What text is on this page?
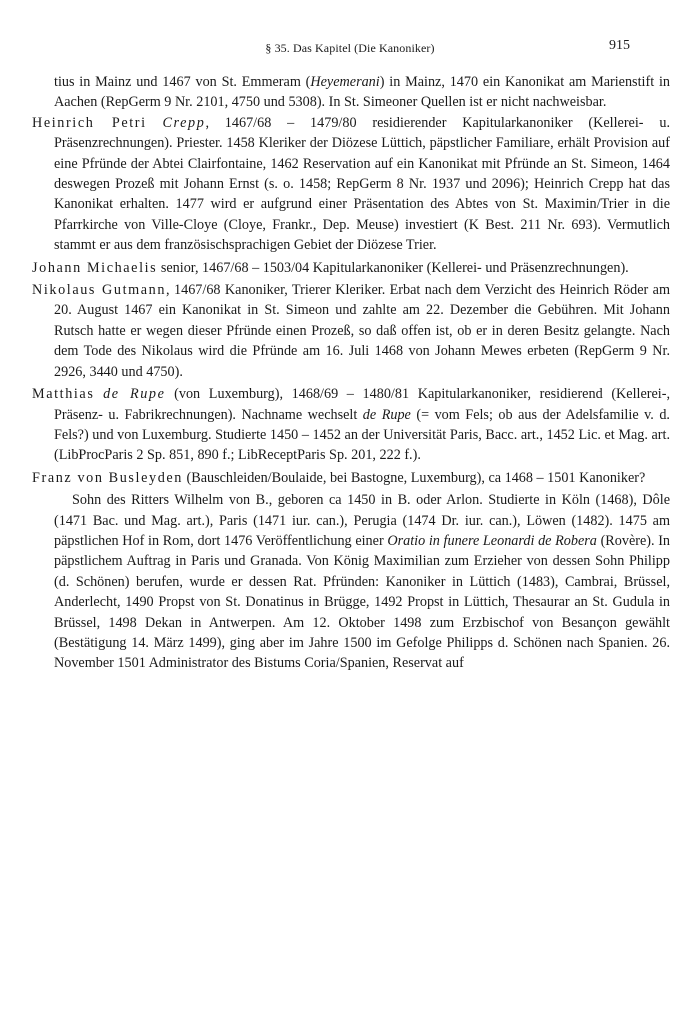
§ 35. Das Kapitel (Die Kanoniker)	915

tius in Mainz und 1467 von St. Emmeram (Heyemerani) in Mainz, 1470 ein Kanonikat am Marienstift in Aachen (RepGerm 9 Nr. 2101, 4750 und 5308). In St. Simeoner Quellen ist er nicht nachweisbar.

Heinrich Petri Crepp, 1467/68 – 1479/80 residierender Kapitularkanoniker (Kellerei- u. Präsenzrechnungen). Priester. 1458 Kleriker der Diözese Lüttich, päpstlicher Familiare, erhält Provision auf eine Pfründe der Abtei Clairfontaine, 1462 Reservation auf ein Kanonikat mit Pfründe an St. Simeon, 1464 deswegen Prozeß mit Johann Ernst (s. o. 1458; RepGerm 8 Nr. 1937 und 2096); Heinrich Crepp hat das Kanonikat erhalten. 1477 wird er aufgrund einer Präsentation des Abtes von St. Maximin/Trier in die Pfarrkirche von Ville-Cloye (Cloye, Frankr., Dep. Meuse) investiert (K Best. 211 Nr. 693). Vermutlich stammt er aus dem französischsprachigen Gebiet der Diözese Trier.

Johann Michaelis senior, 1467/68 – 1503/04 Kapitularkanoniker (Kellerei- und Präsenzrechnungen).

Nikolaus Gutmann, 1467/68 Kanoniker, Trierer Kleriker. Erbat nach dem Verzicht des Heinrich Röder am 20. August 1467 ein Kanonikat in St. Simeon und zahlte am 22. Dezember die Gebühren. Mit Johann Rutsch hatte er wegen dieser Pfründe einen Prozeß, so daß offen ist, ob er in deren Besitz gelangte. Nach dem Tode des Nikolaus wird die Pfründe am 16. Juli 1468 von Johann Mewes erbeten (RepGerm 9 Nr. 2926, 3440 und 4750).

Matthias de Rupe (von Luxemburg), 1468/69 – 1480/81 Kapitularkanoniker, residierend (Kellerei-, Präsenz- u. Fabrikrechnungen). Nachname wechselt de Rupe (= vom Fels; ob aus der Adelsfamilie v. d. Fels?) und von Luxemburg. Studierte 1450 – 1452 an der Universität Paris, Bacc. art., 1452 Lic. et Mag. art. (LibProcParis 2 Sp. 851, 890 f.; LibReceptParis Sp. 201, 222 f.).

Franz von Busleyden (Bauschleiden/Boulaide, bei Bastogne, Luxemburg), ca 1468 – 1501 Kanoniker?

Sohn des Ritters Wilhelm von B., geboren ca 1450 in B. oder Arlon. Studierte in Köln (1468), Dôle (1471 Bac. und Mag. art.), Paris (1471 iur. can.), Perugia (1474 Dr. iur. can.), Löwen (1482). 1475 am päpstlichen Hof in Rom, dort 1476 Veröffentlichung einer Oratio in funere Leonardi de Robera (Rovère). In päpstlichem Auftrag in Paris und Granada. Von König Maximilian zum Erzieher von dessen Sohn Philipp (d. Schönen) berufen, wurde er dessen Rat. Pfründen: Kanoniker in Lüttich (1483), Cambrai, Brüssel, Anderlecht, 1490 Propst von St. Donatinus in Brügge, 1492 Propst in Lüttich, Thesaurar an St. Gudula in Brüssel, 1498 Dekan in Antwerpen. Am 12. Oktober 1498 zum Erzbischof von Besançon gewählt (Bestätigung 14. März 1499), ging aber im Jahre 1500 im Gefolge Philipps d. Schönen nach Spanien. 26. November 1501 Administrator des Bistums Coria/Spanien, Reservat auf
